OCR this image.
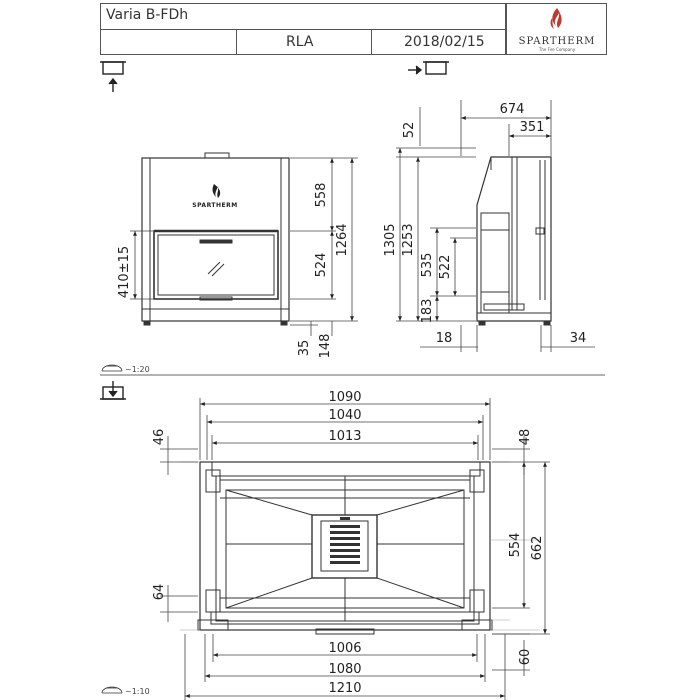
Varia B-FDh
RLA	2018/02/15	SPARTHERM
The Fire Company
SPARTHERM	558
524
1264
410±15
35 148
674
351
52
1305 1253
535 522
183
18	34
~1:20
1090
1040
1013
46	48
554 662
64
60
1006
1080
1210
~1:10
